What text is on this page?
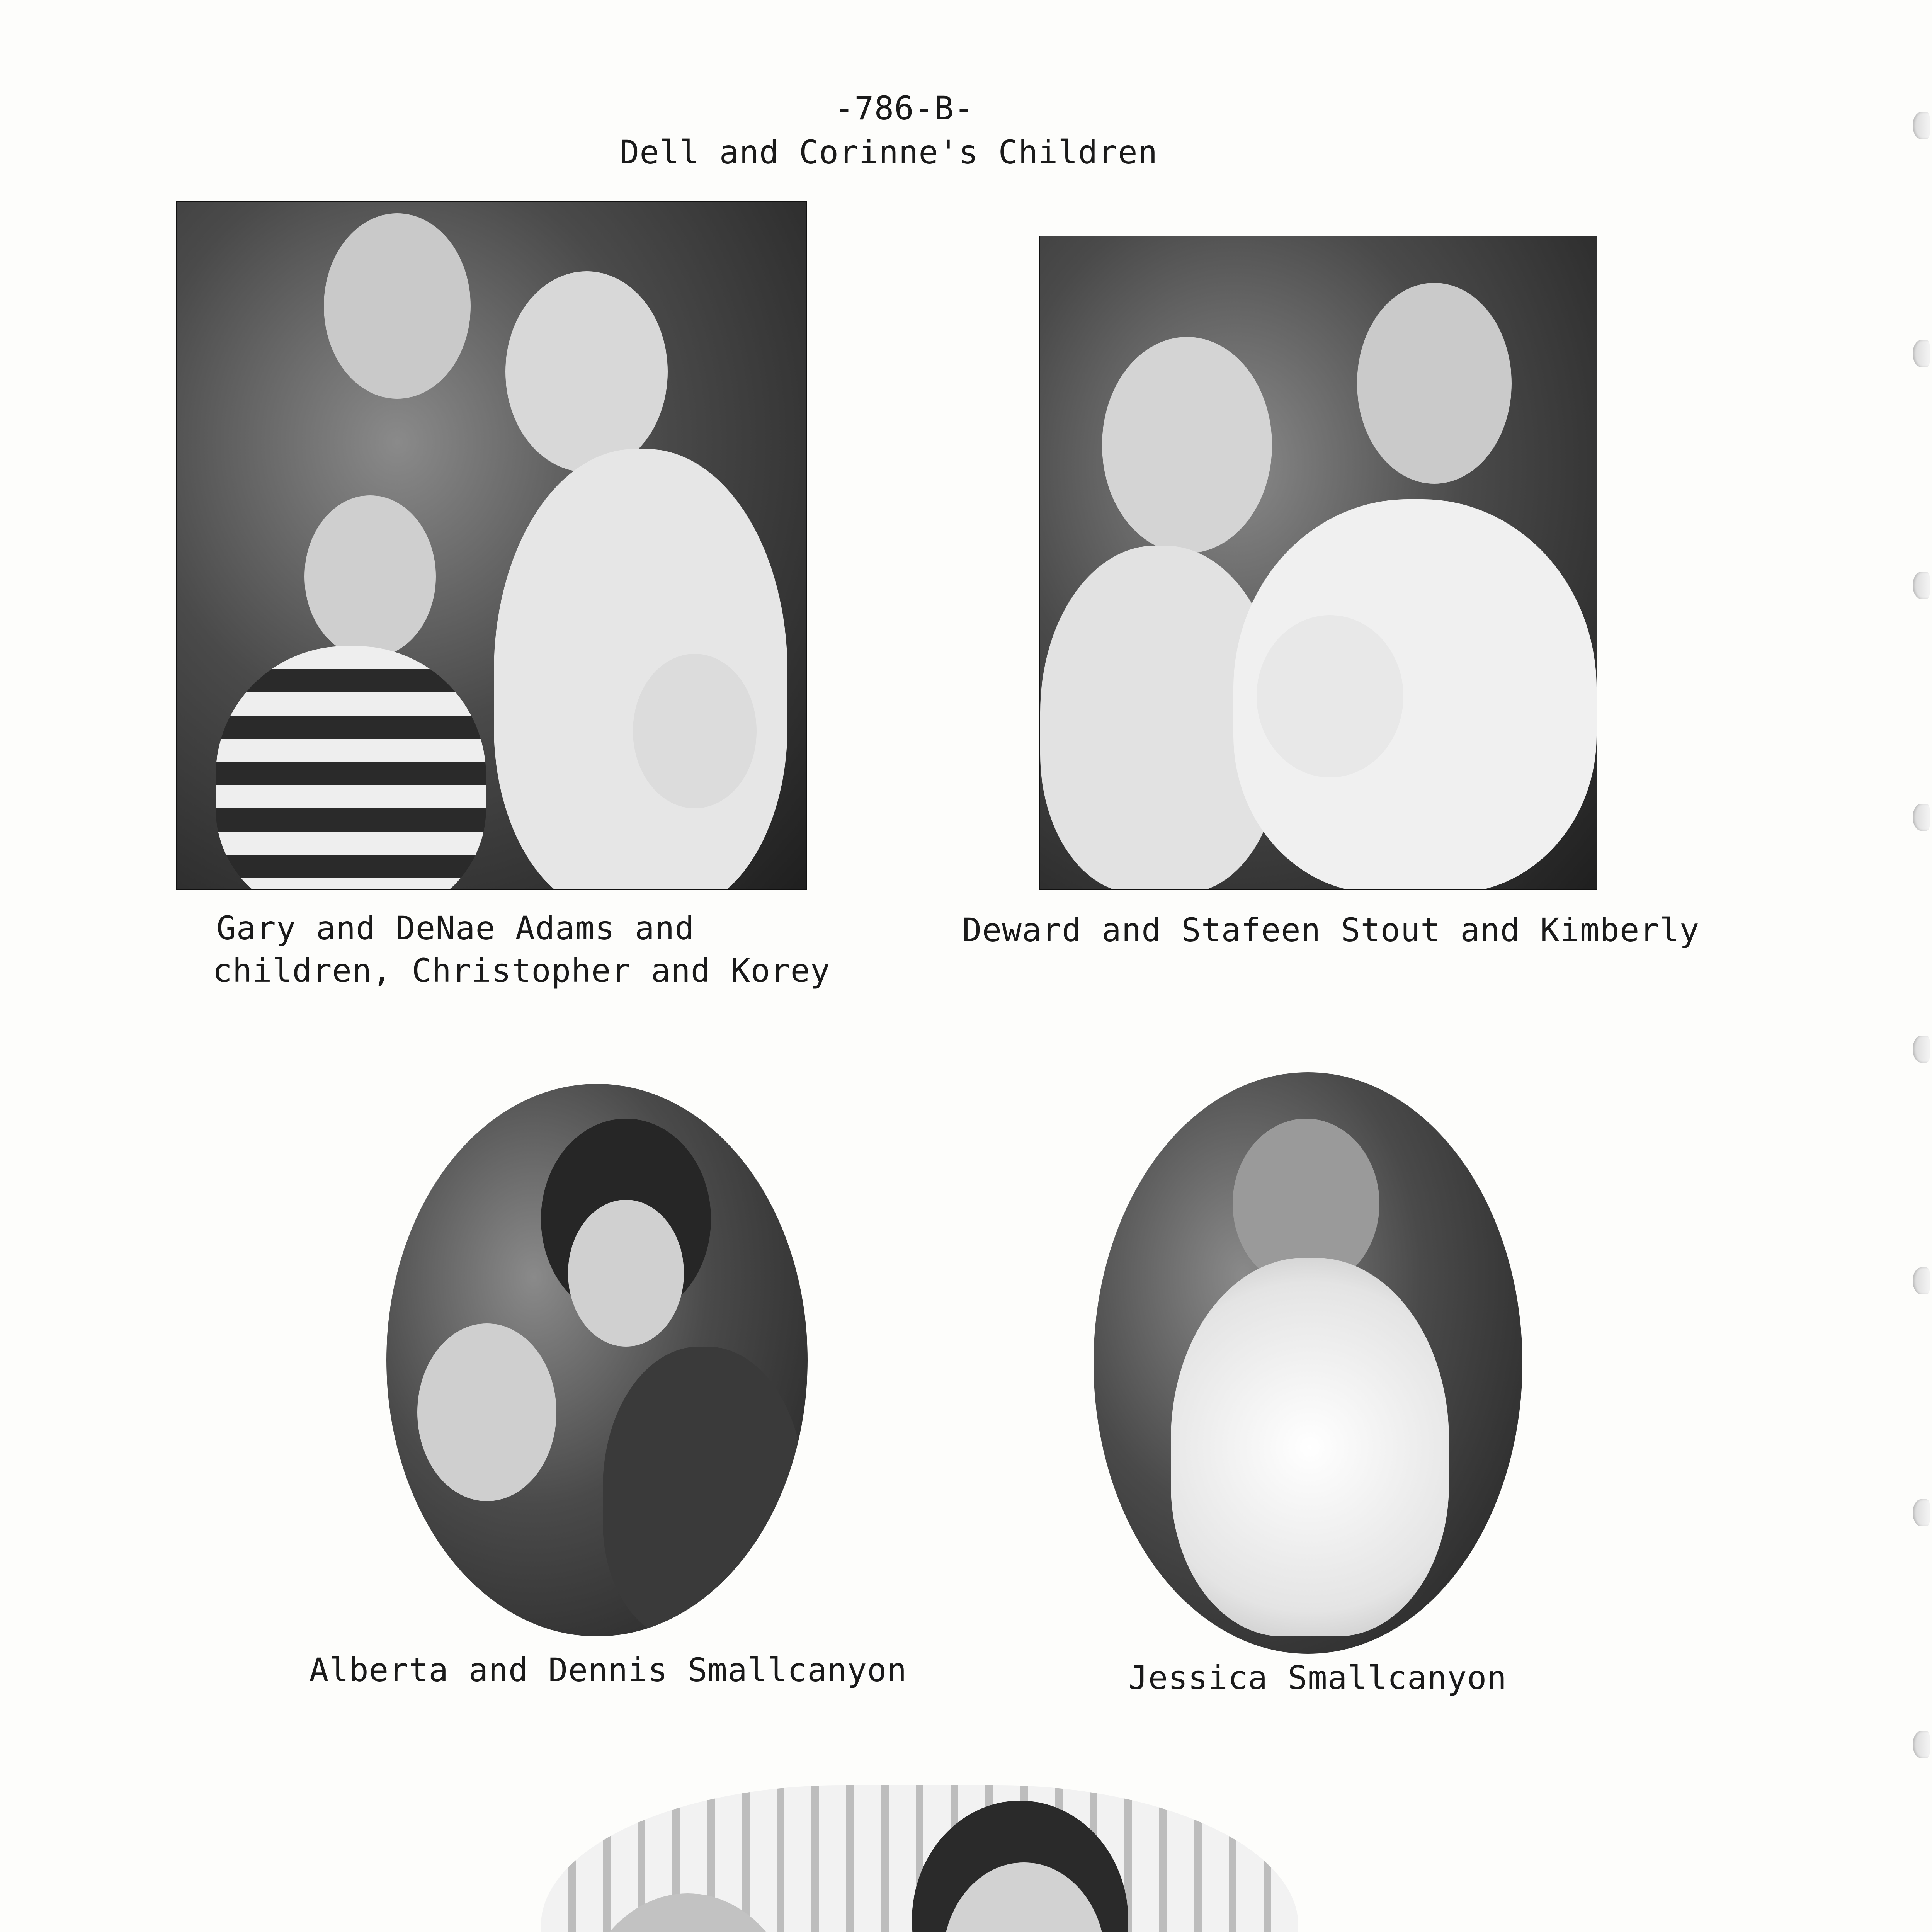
-786-B-
Dell and Corinne's Children
Gary and DeNae Adams and
children, Christopher and Korey
Deward and Stafeen Stout and Kimberly
Alberta and Dennis Smallcanyon	Jessica Smallcanyon
